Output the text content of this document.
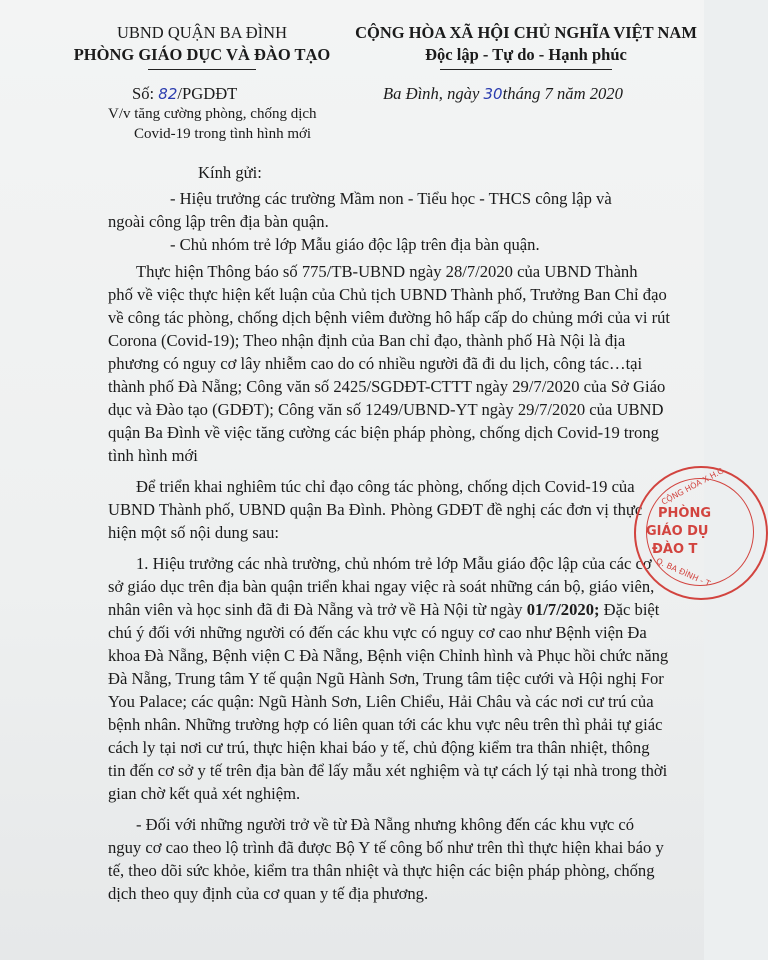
UBND QUẬN BA ĐÌNH
PHÒNG GIÁO DỤC VÀ ĐÀO TẠO
CỘNG HÒA XÃ HỘI CHỦ NGHĨA VIỆT NAM
Độc lập - Tự do - Hạnh phúc
Số: 82/PGDĐT
V/v tăng cường phòng, chống dịch
Covid-19 trong tình hình mới
Ba Đình, ngày 30tháng 7 năm 2020
Kính gửi:
- Hiệu trưởng các trường Mầm non - Tiểu học - THCS công lập và
ngoài công lập trên địa bàn quận.
- Chủ nhóm trẻ lớp Mẫu giáo độc lập trên địa bàn quận.
Thực hiện Thông báo số 775/TB-UBND ngày 28/7/2020 của UBND Thành
phố về việc thực hiện kết luận của Chủ tịch UBND Thành phố, Trưởng Ban Chỉ đạo
về công tác phòng, chống dịch bệnh viêm đường hô hấp cấp do chủng mới của vi rút
Corona (Covid-19); Theo nhận định của Ban chỉ đạo, thành phố Hà Nội là địa
phương có nguy cơ lây nhiễm cao do có nhiều người đã đi du lịch, công tác…tại
thành phố Đà Nẵng; Công văn số 2425/SGDĐT-CTTT ngày 29/7/2020 của Sở Giáo
dục và Đào tạo (GDĐT); Công văn số 1249/UBND-YT ngày 29/7/2020 của UBND
quận Ba Đình về việc tăng cường các biện pháp phòng, chống dịch Covid-19 trong
tình hình mới
Để triển khai nghiêm túc chỉ đạo công tác phòng, chống dịch Covid-19 của
UBND Thành phố, UBND quận Ba Đình. Phòng GDĐT đề nghị các đơn vị thực
hiện một số nội dung sau:
1. Hiệu trưởng các nhà trường, chủ nhóm trẻ lớp Mẫu giáo độc lập của các cơ
sở giáo dục trên địa bàn quận triển khai ngay việc rà soát những cán bộ, giáo viên,
nhân viên và học sinh đã đi Đà Nẵng và trở về Hà Nội từ ngày 01/7/2020; Đặc biệt
chú ý đối với những người có đến các khu vực có nguy cơ cao như Bệnh viện Đa
khoa Đà Nẵng, Bệnh viện C Đà Nẵng, Bệnh viện Chỉnh hình và Phục hồi chức năng
Đà Nẵng, Trung tâm Y tế quận Ngũ Hành Sơn, Trung tâm tiệc cưới và Hội nghị For
You Palace; các quận: Ngũ Hành Sơn, Liên Chiểu, Hải Châu và các nơi cư trú của
bệnh nhân. Những trường hợp có liên quan tới các khu vực nêu trên thì phải tự giác
cách ly tại nơi cư trú, thực hiện khai báo y tế, chủ động kiểm tra thân nhiệt, thông
tin đến cơ sở y tế trên địa bàn để lấy mẫu xét nghiệm và tự cách lý tại nhà trong thời
gian chờ kết quả xét nghiệm.
- Đối với những người trở về từ Đà Nẵng nhưng không đến các khu vực có
nguy cơ cao theo lộ trình đã được Bộ Y tế công bố như trên thì thực hiện khai báo y
tế, theo dõi sức khỏe, kiểm tra thân nhiệt và thực hiện các biện pháp phòng, chống
dịch theo quy định của cơ quan y tế địa phương.
CỘNG HÒA X.H.C
PHÒNG
GIÁO DỤ
ĐÀO T
Q. BA ĐÌNH - T
